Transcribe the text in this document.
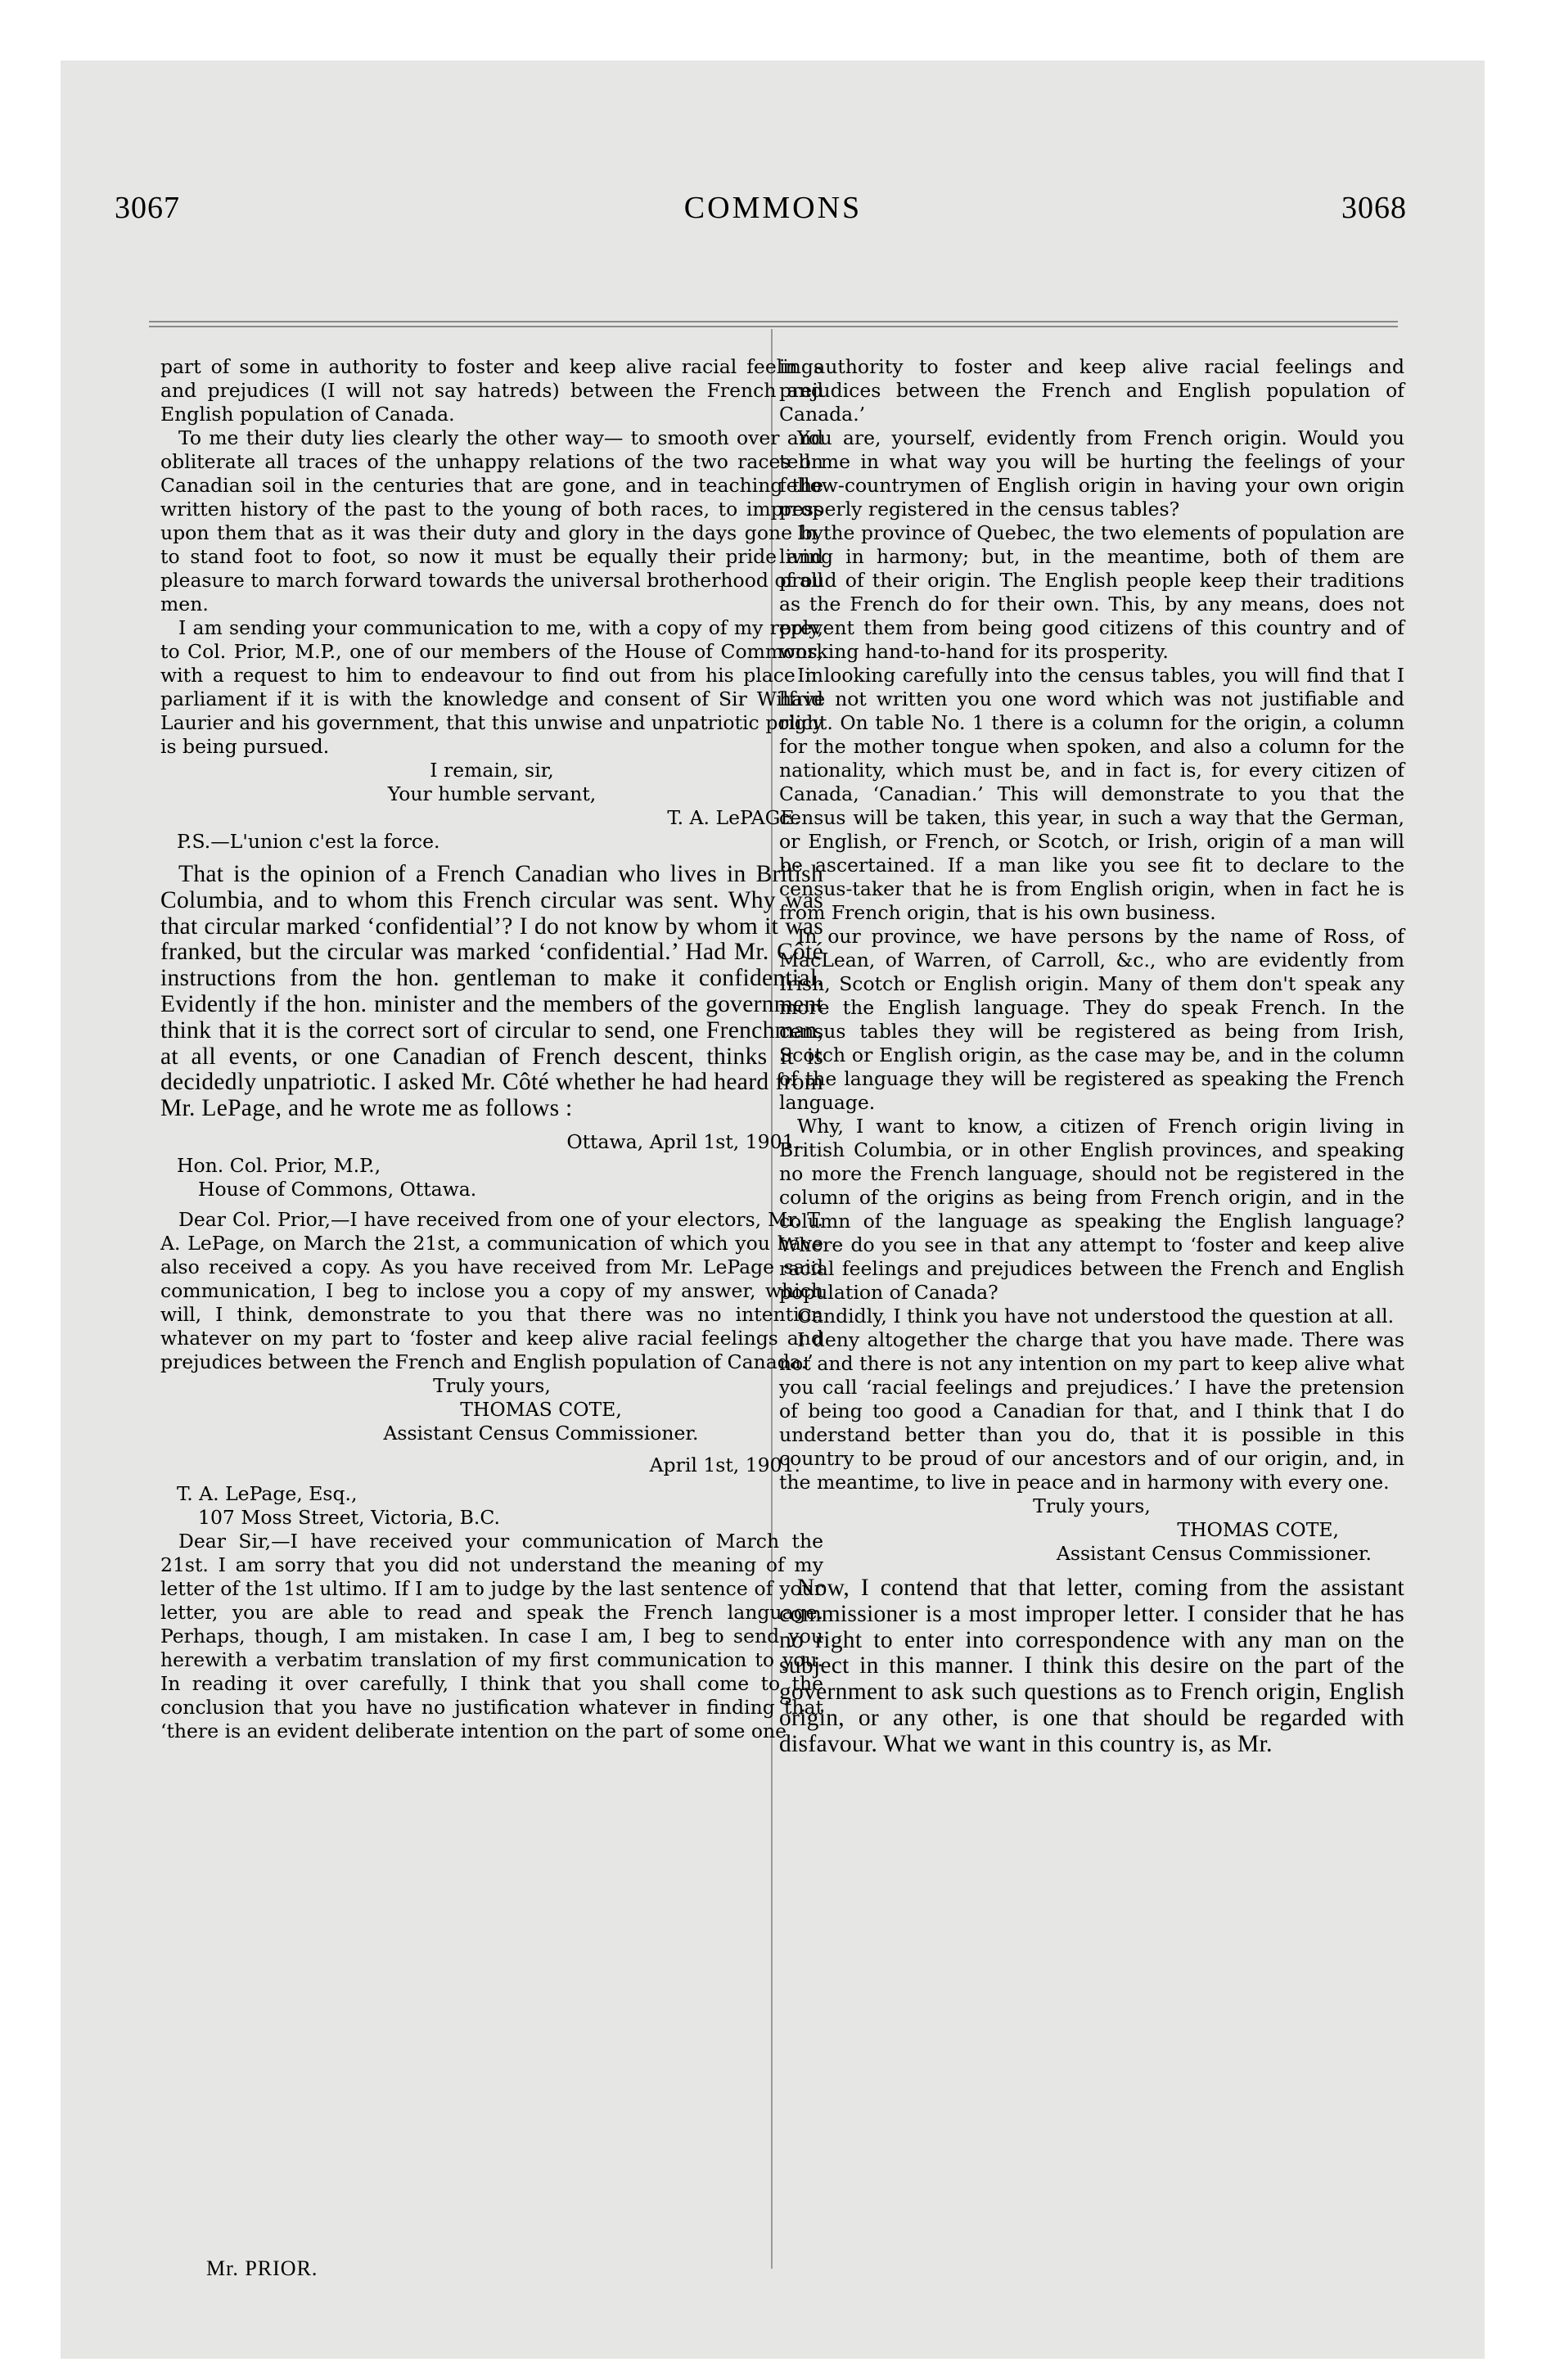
3067	COMMONS	3068

part of some in authority to foster and keep alive racial feelings and prejudices (I will not say hatreds) between the French and English population of Canada.

To me their duty lies clearly the other way— to smooth over and obliterate all traces of the unhappy relations of the two races on Canadian soil in the centuries that are gone, and in teaching the written history of the past to the young of both races, to impress upon them that as it was their duty and glory in the days gone by to stand foot to foot, so now it must be equally their pride and pleasure to march forward towards the universal brotherhood of all men.

I am sending your communication to me, with a copy of my reply, to Col. Prior, M.P., one of our members of the House of Commons, with a request to him to endeavour to find out from his place in parliament if it is with the knowledge and consent of Sir Wilfrid Laurier and his government, that this unwise and unpatriotic policy is being pursued.

I remain, sir,

Your humble servant,

T. A. LePAGE.

P.S.—L'union c'est la force.

That is the opinion of a French Canadian who lives in British Columbia, and to whom this French circular was sent. Why was that circular marked ‘confidential’? I do not know by whom it was franked, but the circular was marked ‘confidential.’ Had Mr. Côté instructions from the hon. gentleman to make it confidential. Evidently if the hon. minister and the members of the government think that it is the correct sort of circular to send, one Frenchman, at all events, or one Canadian of French descent, thinks it is decidedly unpatriotic. I asked Mr. Côté whether he had heard from Mr. LePage, and he wrote me as follows :

Ottawa, April 1st, 1901.

Hon. Col. Prior, M.P.,

House of Commons, Ottawa.

Dear Col. Prior,—I have received from one of your electors, Mr. T. A. LePage, on March the 21st, a communication of which you have also received a copy. As you have received from Mr. LePage said communication, I beg to inclose you a copy of my answer, which will, I think, demonstrate to you that there was no intention whatever on my part to ‘foster and keep alive racial feelings and prejudices between the French and English population of Canada.’

Truly yours,

THOMAS COTE,

Assistant Census Commissioner.

April 1st, 1901.

T. A. LePage, Esq.,

107 Moss Street, Victoria, B.C.

Dear Sir,—I have received your communication of March the 21st. I am sorry that you did not understand the meaning of my letter of the 1st ultimo. If I am to judge by the last sentence of your letter, you are able to read and speak the French language. Perhaps, though, I am mistaken. In case I am, I beg to send you herewith a verbatim translation of my first communication to you. In reading it over carefully, I think that you shall come to the conclusion that you have no justification whatever in finding that ‘there is an evident deliberate intention on the part of some one

in authority to foster and keep alive racial feelings and prejudices between the French and English population of Canada.’

You are, yourself, evidently from French origin. Would you tell me in what way you will be hurting the feelings of your fellow-countrymen of English origin in having your own origin properly registered in the census tables?

In the province of Quebec, the two elements of population are living in harmony; but, in the meantime, both of them are proud of their origin. The English people keep their traditions as the French do for their own. This, by any means, does not prevent them from being good citizens of this country and of working hand-to-hand for its prosperity.

In looking carefully into the census tables, you will find that I have not written you one word which was not justifiable and right. On table No. 1 there is a column for the origin, a column for the mother tongue when spoken, and also a column for the nationality, which must be, and in fact is, for every citizen of Canada, ‘Canadian.’ This will demonstrate to you that the census will be taken, this year, in such a way that the German, or English, or French, or Scotch, or Irish, origin of a man will be ascertained. If a man like you see fit to declare to the census-taker that he is from English origin, when in fact he is from French origin, that is his own business.

In our province, we have persons by the name of Ross, of MacLean, of Warren, of Carroll, &c., who are evidently from Irish, Scotch or English origin. Many of them don't speak any more the English language. They do speak French. In the census tables they will be registered as being from Irish, Scotch or English origin, as the case may be, and in the column of the language they will be registered as speaking the French language.

Why, I want to know, a citizen of French origin living in British Columbia, or in other English provinces, and speaking no more the French language, should not be registered in the column of the origins as being from French origin, and in the column of the language as speaking the English language? Where do you see in that any attempt to ‘foster and keep alive racial feelings and prejudices between the French and English population of Canada?

Candidly, I think you have not understood the question at all.

I deny altogether the charge that you have made. There was not and there is not any intention on my part to keep alive what you call ‘racial feelings and prejudices.’ I have the pretension of being too good a Canadian for that, and I think that I do understand better than you do, that it is possible in this country to be proud of our ancestors and of our origin, and, in the meantime, to live in peace and in harmony with every one.

Truly yours,

THOMAS COTE,

Assistant Census Commissioner.

Now, I contend that that letter, coming from the assistant commissioner is a most improper letter. I consider that he has no right to enter into correspondence with any man on the subject in this manner. I think this desire on the part of the government to ask such questions as to French origin, English origin, or any other, is one that should be regarded with disfavour. What we want in this country is, as Mr.

Mr. PRIOR.
